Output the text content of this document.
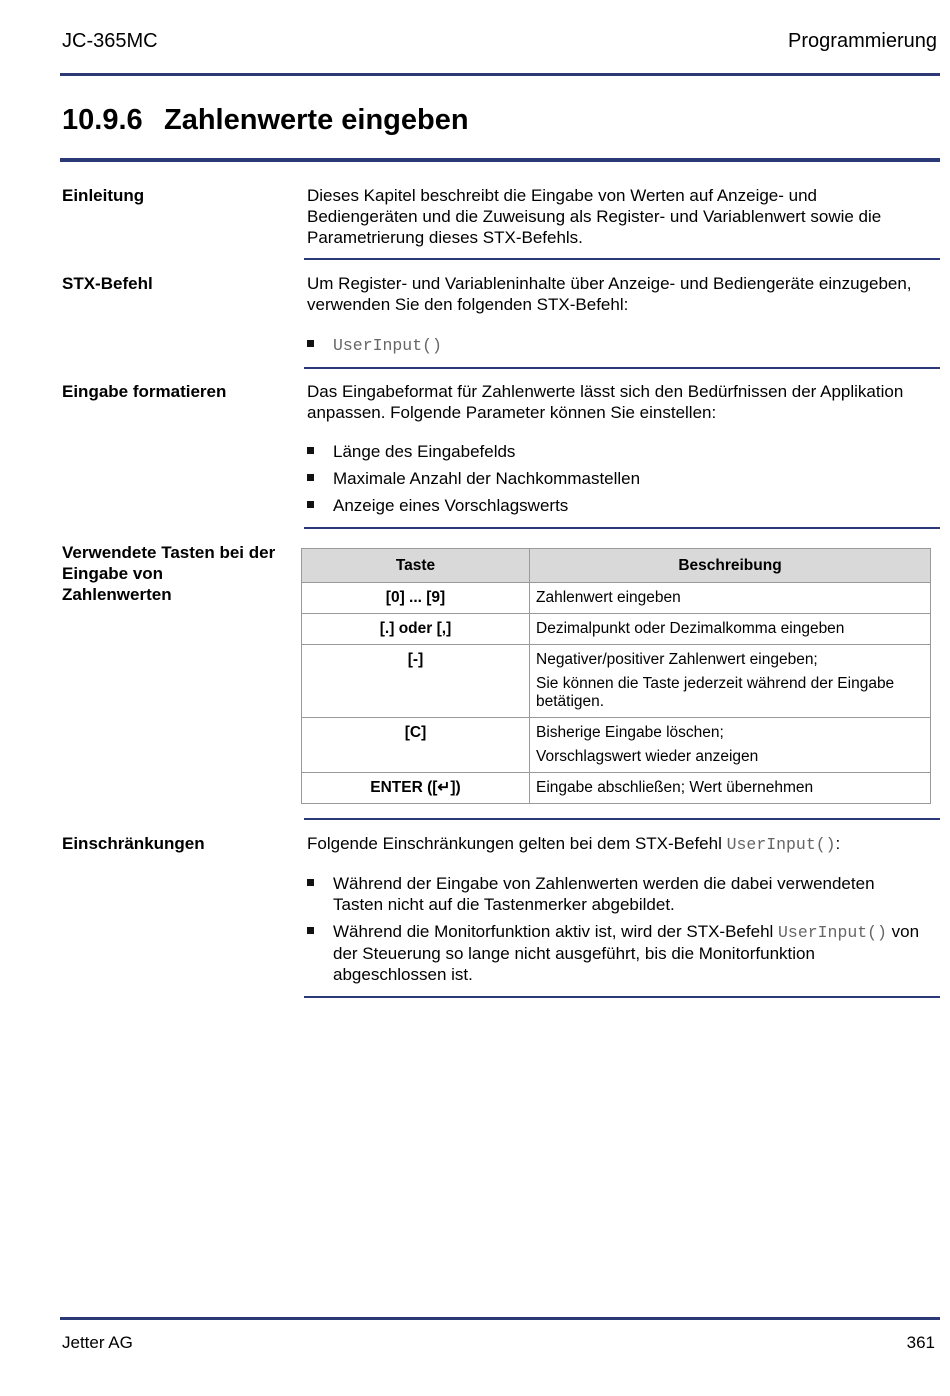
JC-365MC	Programmierung
10.9.6 Zahlenwerte eingeben
Einleitung	Dieses Kapitel beschreibt die Eingabe von Werten auf Anzeige- und Bediengeräten und die Zuweisung als Register- und Variablenwert sowie die Parametrierung dieses STX-Befehls.
STX-Befehl	Um Register- und Variableninhalte über Anzeige- und Bediengeräte einzugeben, verwenden Sie den folgenden STX-Befehl:
UserInput()
Eingabe formatieren	Das Eingabeformat für Zahlenwerte lässt sich den Bedürfnissen der Applikation anpassen. Folgende Parameter können Sie einstellen:
Länge des Eingabefelds
Maximale Anzahl der Nachkommastellen
Anzeige eines Vorschlagswerts
Verwendete Tasten bei der Eingabe von Zahlenwerten
Taste	Beschreibung
[0] ... [9]	Zahlenwert eingeben

[.] oder [,]	Dezimalpunkt oder Dezimalkomma eingeben

[-]	Negativer/positiver Zahlenwert eingeben;

Sie können die Taste jederzeit während der Eingabe betätigen.

[C]	Bisherige Eingabe löschen;

Vorschlagswert wieder anzeigen

ENTER ([↵])	Eingabe abschließen; Wert übernehmen

Einschränkungen	Folgende Einschränkungen gelten bei dem STX-Befehl UserInput():
Während der Eingabe von Zahlenwerten werden die dabei verwendeten Tasten nicht auf die Tastenmerker abgebildet.
Während die Monitorfunktion aktiv ist, wird der STX-Befehl UserInput() von der Steuerung so lange nicht ausgeführt, bis die Monitorfunktion abgeschlossen ist.
Jetter AG	361
